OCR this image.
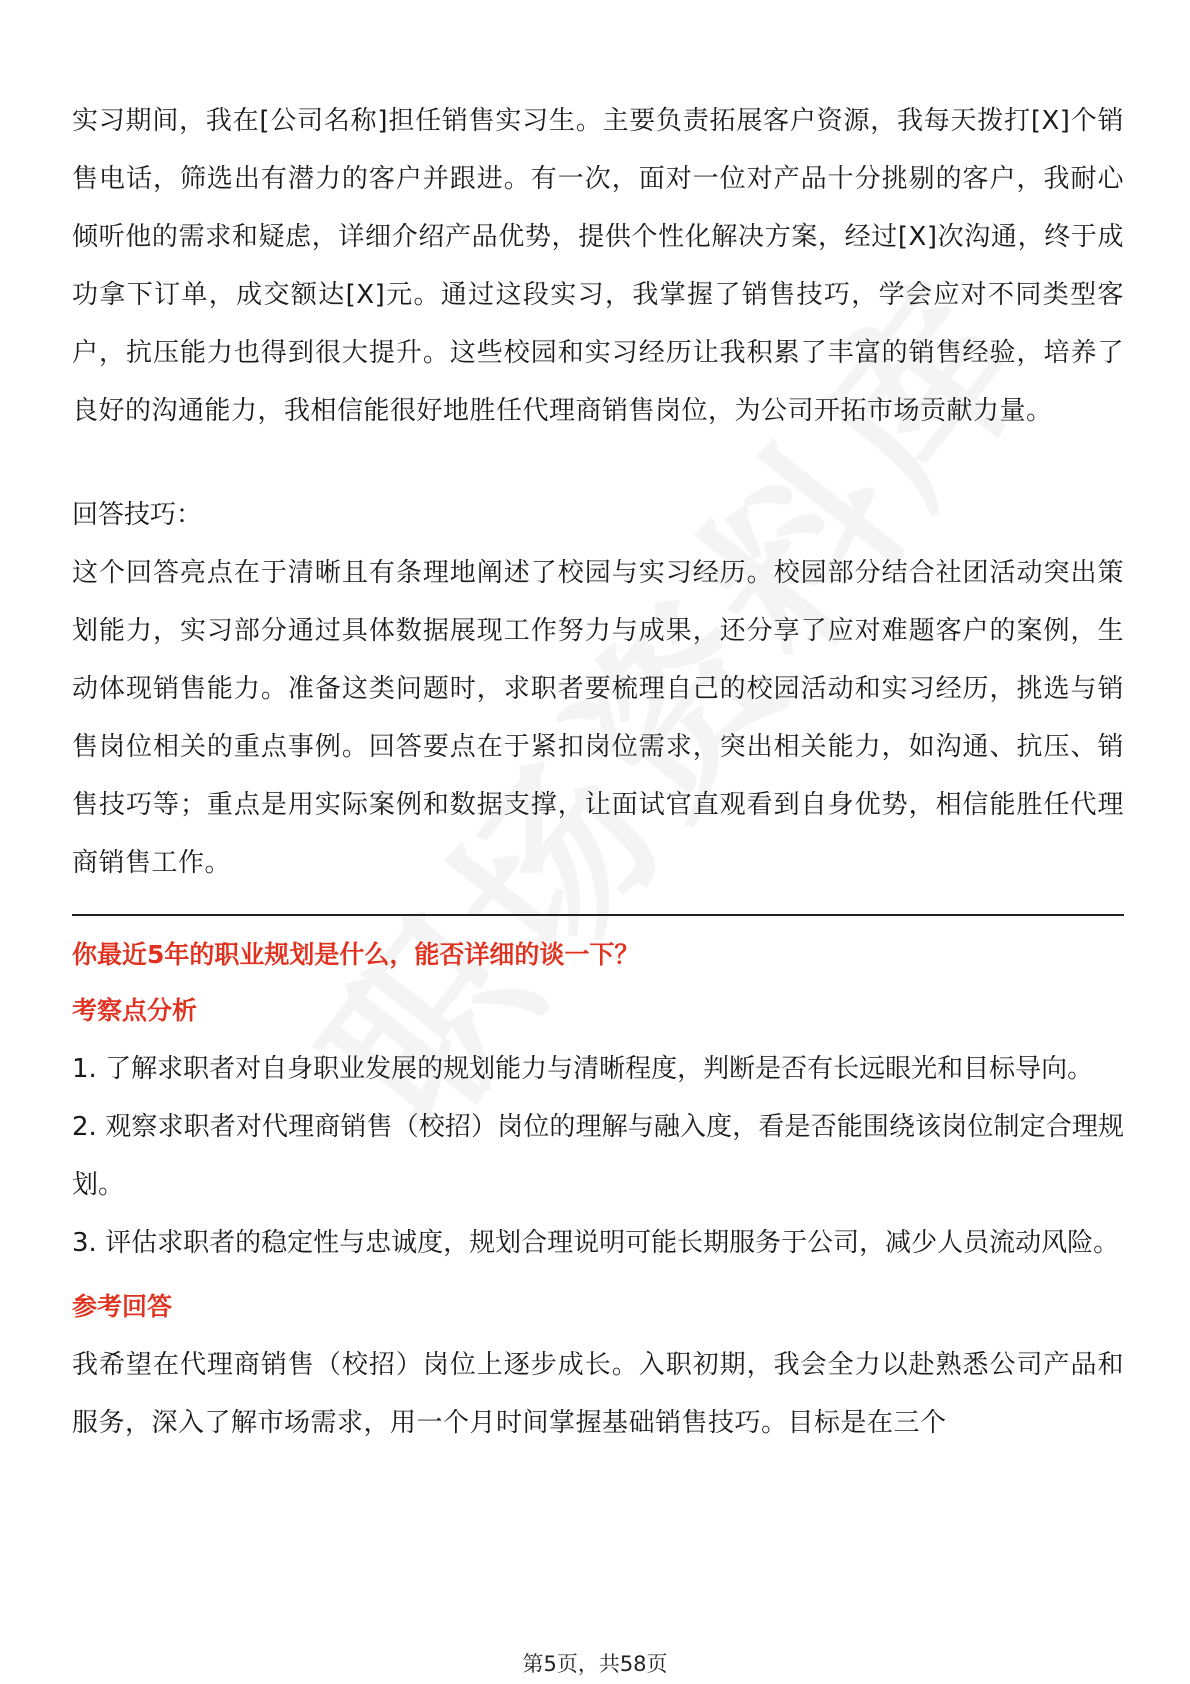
实习期间，我在[公司名称]担任销售实习生。主要负责拓展客户资源，我每天拨打[X]个销售电话，筛选出有潜力的客户并跟进。有一次，面对一位对产品十分挑剔的客户，我耐心倾听他的需求和疑虑，详细介绍产品优势，提供个性化解决方案，经过[X]次沟通，终于成功拿下订单，成交额达[X]元。通过这段实习，我掌握了销售技巧，学会应对不同类型客户，抗压能力也得到很大提升。这些校园和实习经历让我积累了丰富的销售经验，培养了良好的沟通能力，我相信能很好地胜任代理商销售岗位，为公司开拓市场贡献力量。

回答技巧：

这个回答亮点在于清晰且有条理地阐述了校园与实习经历。校园部分结合社团活动突出策划能力，实习部分通过具体数据展现工作努力与成果，还分享了应对难题客户的案例，生动体现销售能力。准备这类问题时，求职者要梳理自己的校园活动和实习经历，挑选与销售岗位相关的重点事例。回答要点在于紧扣岗位需求，突出相关能力，如沟通、抗压、销售技巧等；重点是用实际案例和数据支撑，让面试官直观看到自身优势，相信能胜任代理商销售工作。

你最近5年的职业规划是什么，能否详细的谈一下？

考察点分析

1. 了解求职者对自身职业发展的规划能力与清晰程度，判断是否有长远眼光和目标导向。

2. 观察求职者对代理商销售（校招）岗位的理解与融入度，看是否能围绕该岗位制定合理规划。

3. 评估求职者的稳定性与忠诚度，规划合理说明可能长期服务于公司，减少人员流动风险。

参考回答

我希望在代理商销售（校招）岗位上逐步成长。入职初期，我会全力以赴熟悉公司产品和服务，深入了解市场需求，用一个月时间掌握基础销售技巧。目标是在三个

第5页，共58页
